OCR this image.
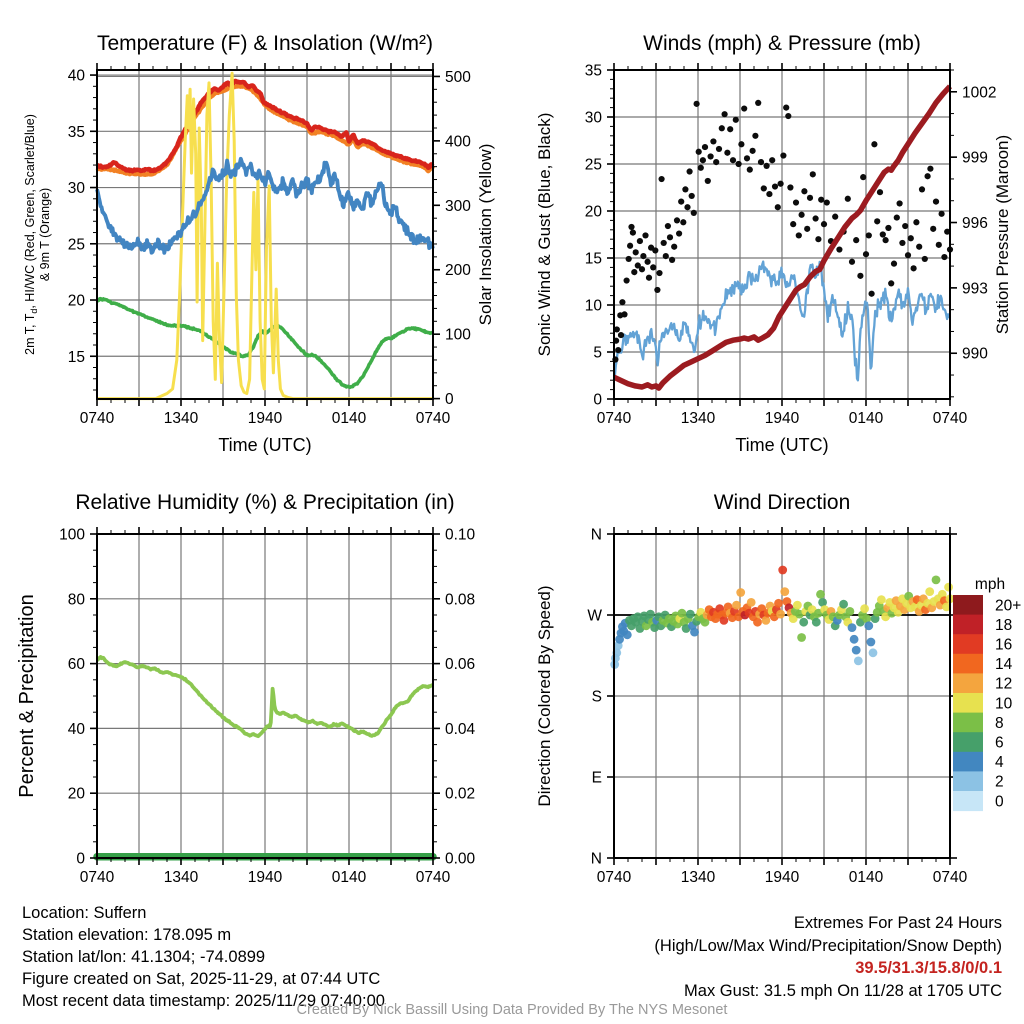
0740	1340	1940	0140	0740
Time (UTC)
15
20
25
30
35
40
0
100
200
300
400
500
Temperature (F) & Insolation (W/m²)
2m T, $T_d$, HI/WC (Red, Green, Scarlet/Blue) & 9m T (Orange)	Solar Insolation (Yellow)
0740	1340	1940	0140	0740
Time (UTC)
0
5
10
15
20
25
30
35
990
993
996
999
1002
Winds (mph) & Pressure (mb)
Sonic Wind & Gust (Blue, Black)	Station Pressure (Maroon)
0740	1340	1940	0140	0740
0
20
40
60
80
100
0.00
0.02
0.04
0.06
0.08
0.10
Relative Humidity (%) & Precipitation (in)
Percent & Precipitation
0740	1340	1940	0140	0740
N
E
S
W
N
Wind Direction
Direction (Colored By Speed)
mph
20+
18
16
14
12
10
8
6
4
2
0
Location: Suffern
Station elevation: 178.095 m
Station lat/lon: 41.1304; -74.0899
Figure created on Sat, 2025-11-29, at 07:44 UTC
Most recent data timestamp: 2025/11/29 07:40:00
Extremes For Past 24 Hours
(High/Low/Max Wind/Precipitation/Snow Depth)
39.5/31.3/15.8/0/0.1
Max Gust: 31.5 mph On 11/28 at 1705 UTC
Created By Nick Bassill Using Data Provided By The NYS Mesonet
